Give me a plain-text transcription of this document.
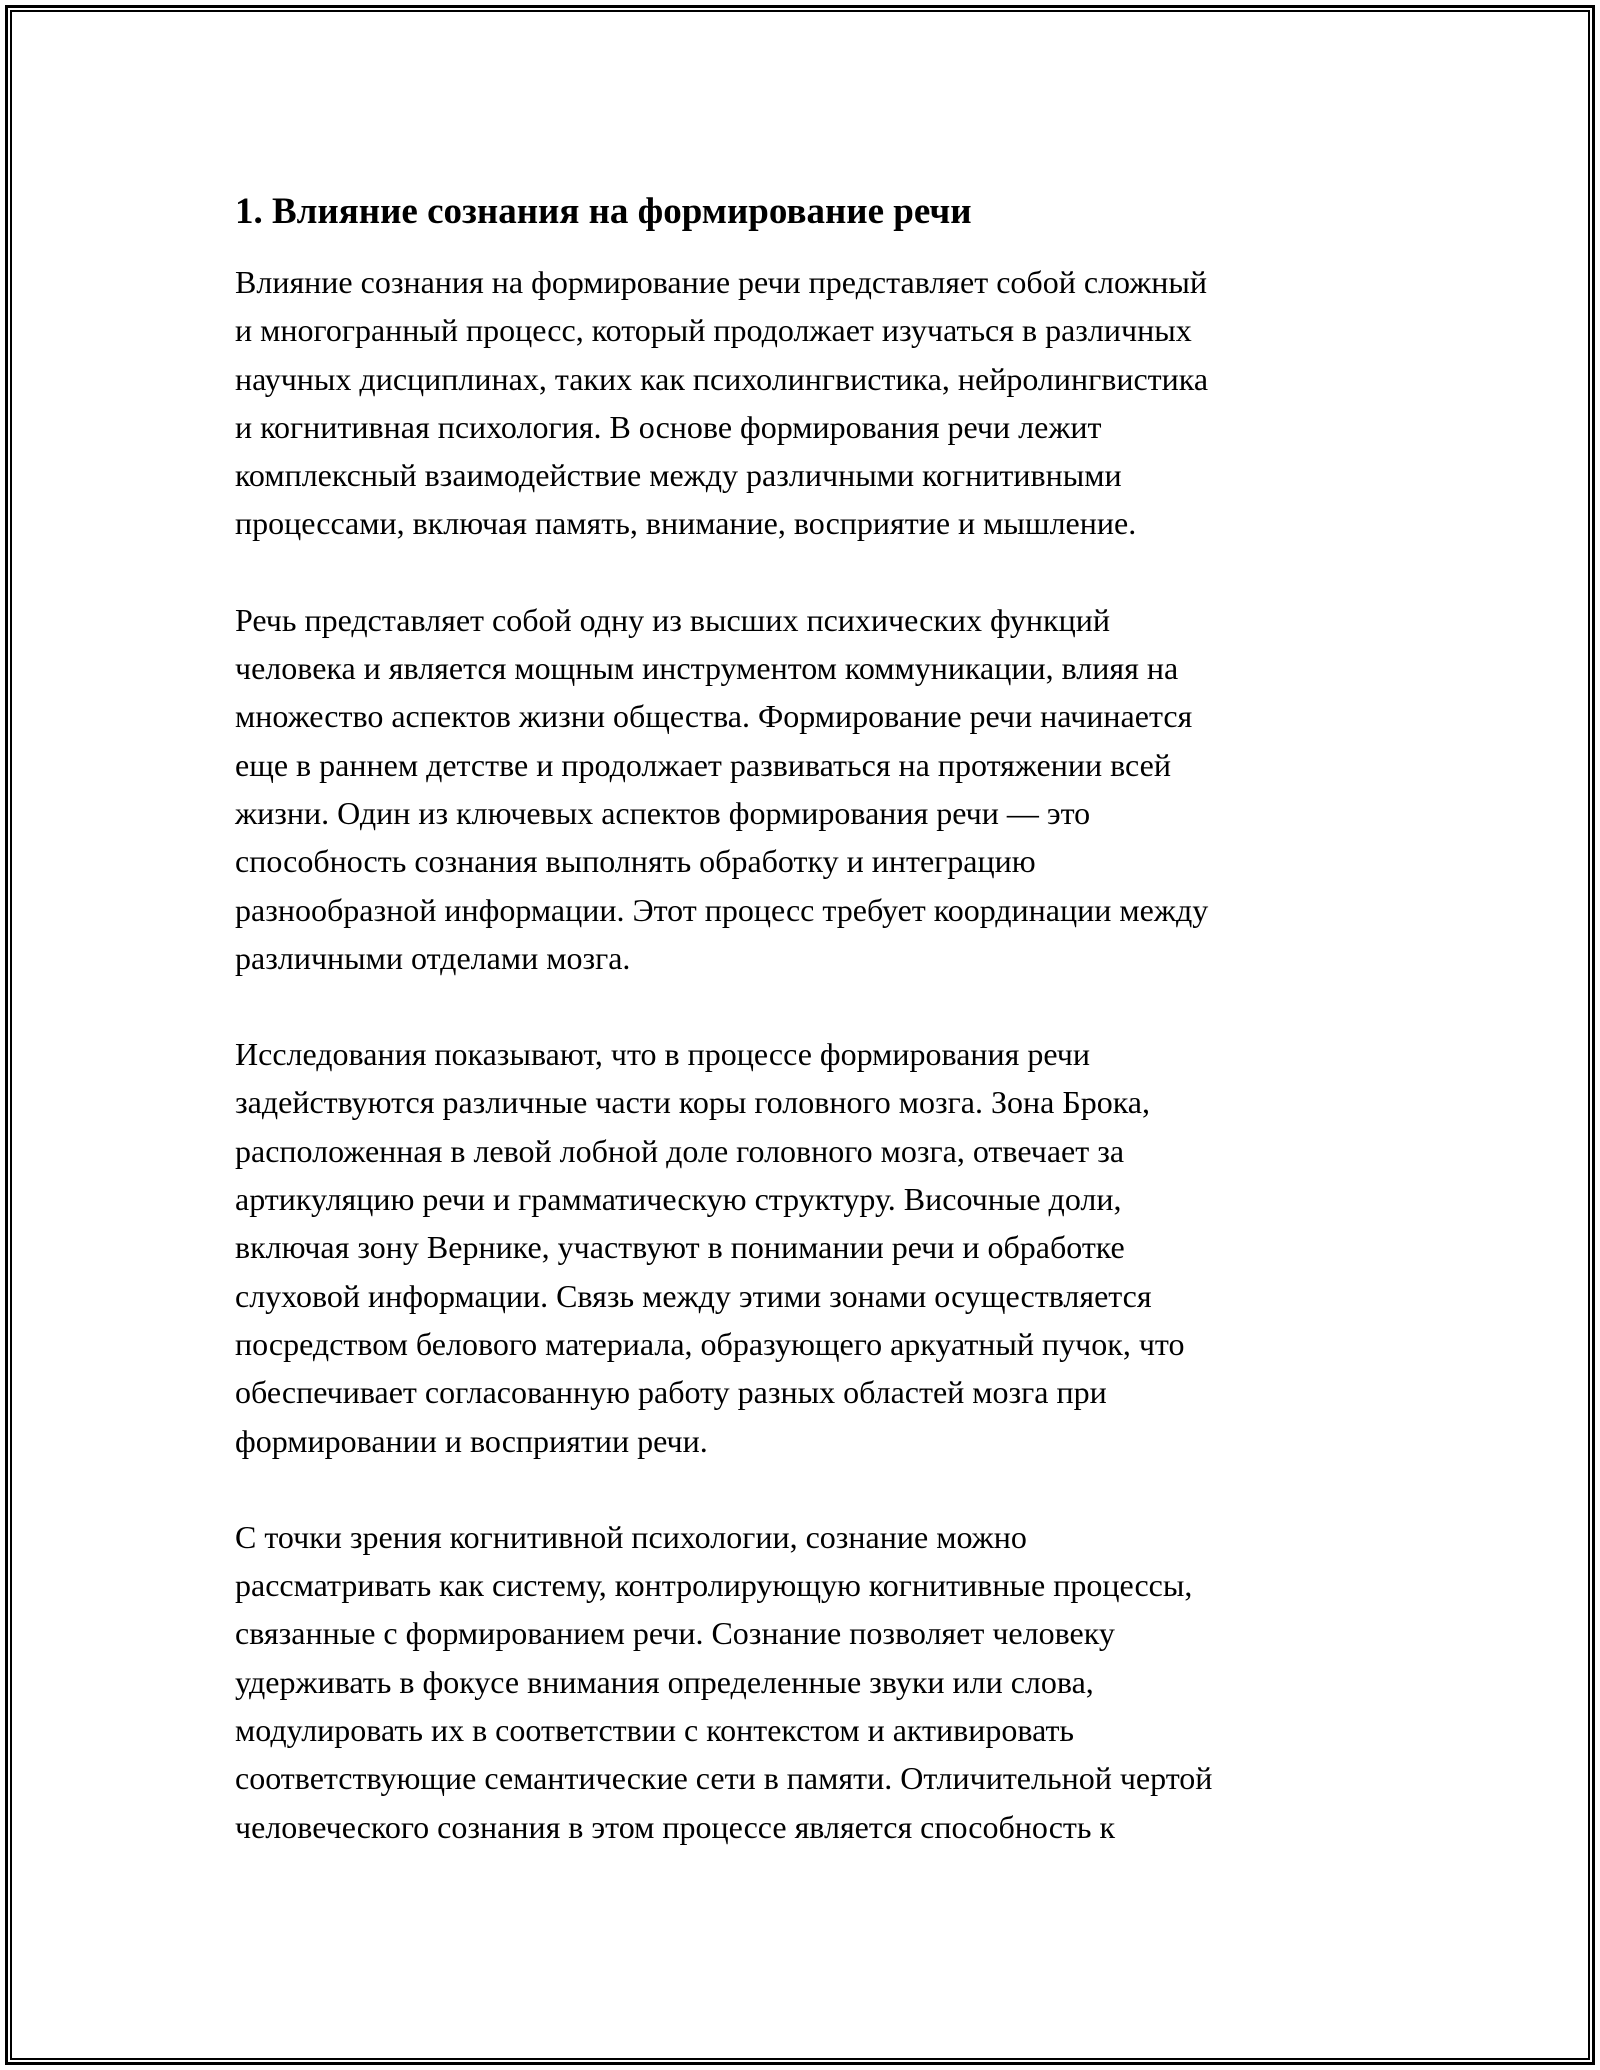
1. Влияние сознания на формирование речи

Влияние сознания на формирование речи представляет собой сложный
и многогранный процесс, который продолжает изучаться в различных
научных дисциплинах, таких как психолингвистика, нейролингвистика
и когнитивная психология. В основе формирования речи лежит
комплексный взаимодействие между различными когнитивными
процессами, включая память, внимание, восприятие и мышление.

Речь представляет собой одну из высших психических функций
человека и является мощным инструментом коммуникации, влияя на
множество аспектов жизни общества. Формирование речи начинается
еще в раннем детстве и продолжает развиваться на протяжении всей
жизни. Один из ключевых аспектов формирования речи — это
способность сознания выполнять обработку и интеграцию
разнообразной информации. Этот процесс требует координации между
различными отделами мозга.

Исследования показывают, что в процессе формирования речи
задействуются различные части коры головного мозга. Зона Брока,
расположенная в левой лобной доле головного мозга, отвечает за
артикуляцию речи и грамматическую структуру. Височные доли,
включая зону Вернике, участвуют в понимании речи и обработке
слуховой информации. Связь между этими зонами осуществляется
посредством белового материала, образующего аркуатный пучок, что
обеспечивает согласованную работу разных областей мозга при
формировании и восприятии речи.

С точки зрения когнитивной психологии, сознание можно
рассматривать как систему, контролирующую когнитивные процессы,
связанные с формированием речи. Сознание позволяет человеку
удерживать в фокусе внимания определенные звуки или слова,
модулировать их в соответствии с контекстом и активировать
соответствующие семантические сети в памяти. Отличительной чертой
человеческого сознания в этом процессе является способность к
